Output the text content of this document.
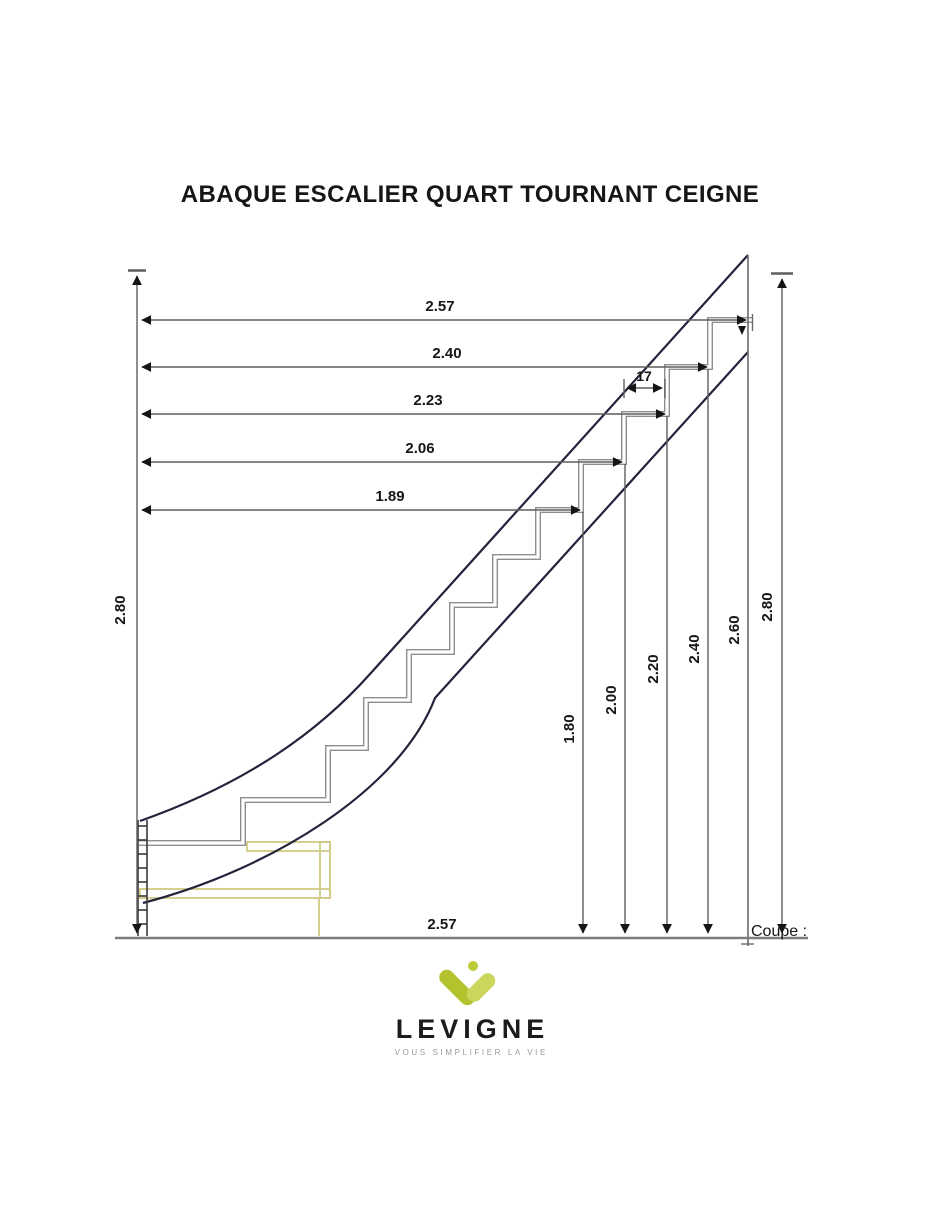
ABAQUE ESCALIER QUART TOURNANT CEIGNE
2.80	2.80
2.57
2.40
2.23
2.06
1.89
17
1.80
2.00
2.20
2.40
2.60
2.57	Coupe :
LEVIGNE
VOUS SIMPLIFIER LA VIE
